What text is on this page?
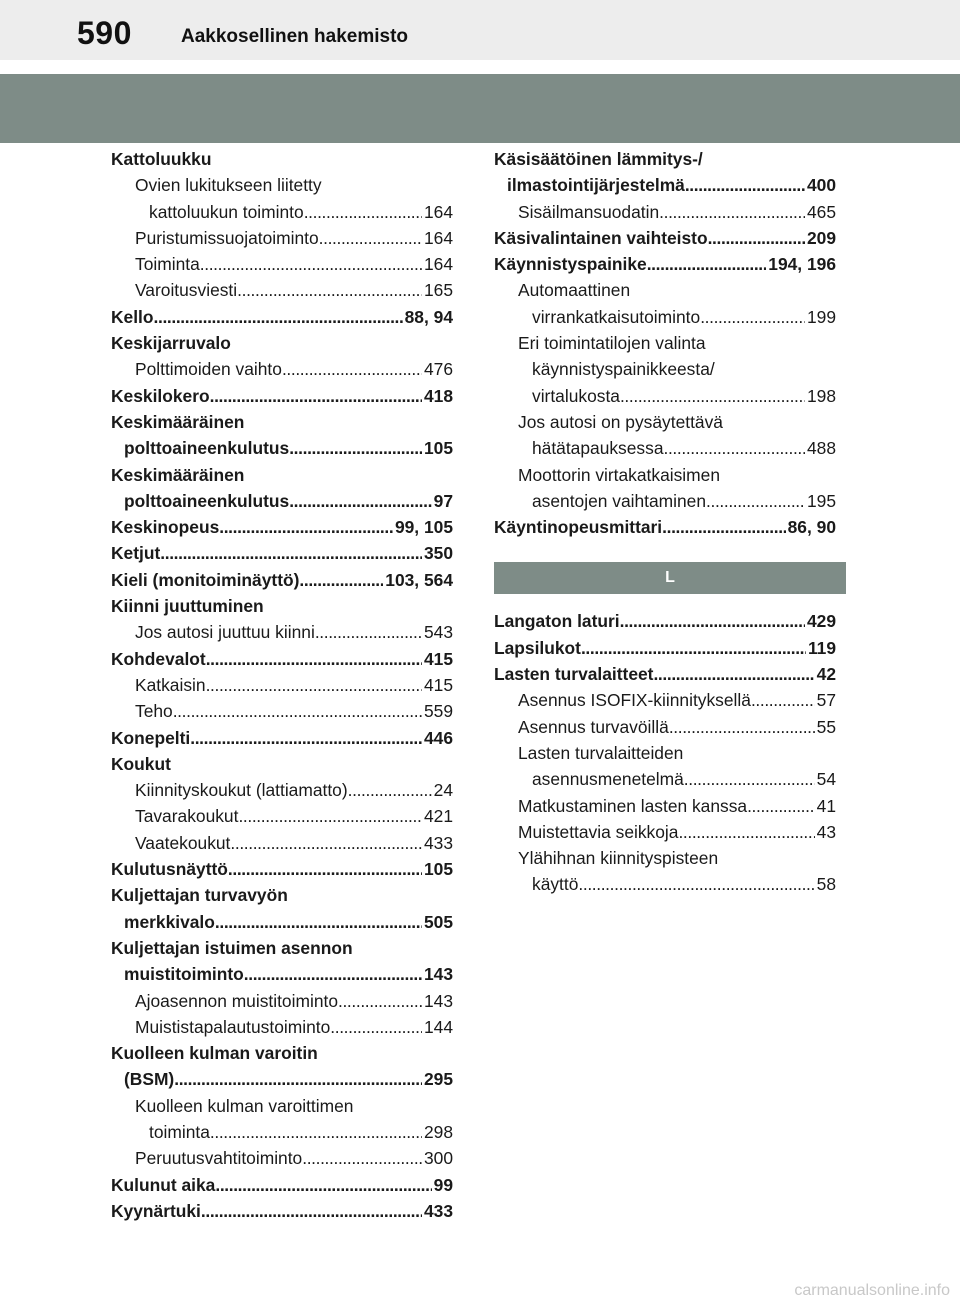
590	Aakkosellinen hakemisto
Kattoluukku
Ovien lukitukseen liitetty
kattoluukun toiminto . . .	164
Puristumissuojatoiminto . . .	164
Toiminta . . .	164
Varoitusviesti . . .	165
Kello . . .	88, 94
Keskijarruvalo
Polttimoiden vaihto . . .	476
Keskilokero . . .	418
Keskimääräinen
polttoaineenkulutus . . .	105
Keskimääräinen
polttoaineenkulutus . . .	97
Keskinopeus . . .	99, 105
Ketjut . . .	350
Kieli (monitoiminäyttö) . . .	103, 564
Kiinni juuttuminen
Jos autosi juuttuu kiinni . . .	543
Kohdevalot . . .	415
Katkaisin . . .	415
Teho . . .	559
Konepelti . . .	446
Koukut
Kiinnityskoukut (lattiamatto) . . .	24
Tavarakoukut . . .	421
Vaatekoukut . . .	433
Kulutusnäyttö . . .	105
Kuljettajan turvavyön
merkkivalo . . .	505
Kuljettajan istuimen asennon
muistitoiminto . . .	143
Ajoasennon muistitoiminto . . .	143
Muististapalautustoiminto . . .	144
Kuolleen kulman varoitin
(BSM) . . .	295
Kuolleen kulman varoittimen
toiminta . . .	298
Peruutusvahtitoiminto . . .	300
Kulunut aika . . .	99
Kyynärtuki . . .	433
Käsisäätöinen lämmitys-/
ilmastointijärjestelmä . . .	400
Sisäilmansuodatin . . .	465
Käsivalintainen vaihteisto . . .	209
Käynnistyspainike . . .	194, 196
Automaattinen
virrankatkaisutoiminto . . .	199
Eri toimintatilojen valinta
käynnistyspainikkeesta/
virtalukosta . . .	198
Jos autosi on pysäytettävä
hätätapauksessa . . .	488
Moottorin virtakatkaisimen
asentojen vaihtaminen . . .	195
Käyntinopeusmittari . . .	86, 90
L
Langaton laturi . . .	429
Lapsilukot . . .	119
Lasten turvalaitteet . . .	42
Asennus ISOFIX-kiinnityksellä . . .	57
Asennus turvavöillä . . .	55
Lasten turvalaitteiden
asennusmenetelmä . . .	54
Matkustaminen lasten kanssa . . .	41
Muistettavia seikkoja . . .	43
Ylähihnan kiinnityspisteen
käyttö . . .	58
carmanualsonline.info
